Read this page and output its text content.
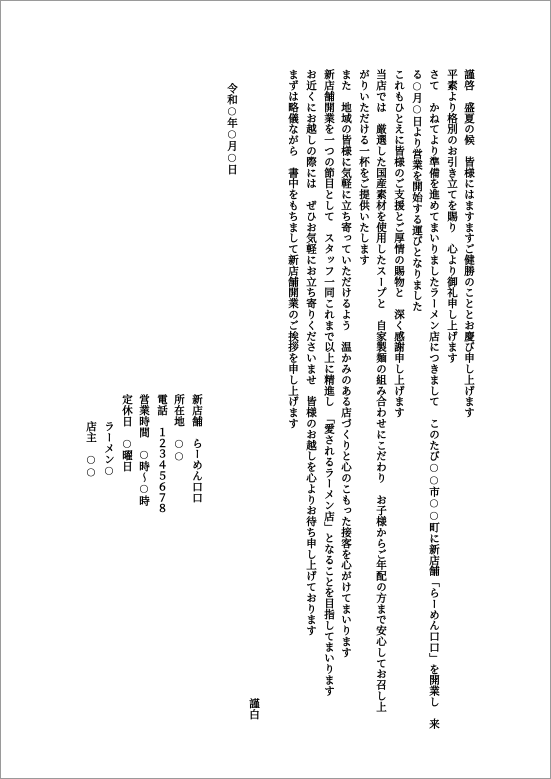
謹啓　盛夏の候　皆様にはますますご健勝のこととお慶び申し上げます
平素より格別のお引き立てを賜り　心より御礼申し上げます
さて　かねてより準備を進めてまいりましたラーメン店につきまして　このたび○○市○○町に新店舗「らーめん口口」を開業し　来
る○月○日より営業を開始する運びとなりました
これもひとえに皆様のご支援とご厚情の賜物と　深く感謝申し上げます
当店では　厳選した国産素材を使用したスープと　自家製麺の組み合わせにこだわり　お子様からご年配の方まで安心してお召し上
がりいただける一杯をご提供いたします
また　地域の皆様に気軽に立ち寄っていただけるよう　温かみのある店づくりと心のこもった接客を心がけてまいります
新店舗開業を一つの節目として　スタッフ一同これまで以上に精進し　「愛されるラーメン店」となることを目指してまいります
お近くにお越しの際には　ぜひお気軽にお立ち寄りくださいませ　皆様のお越しを心よりお待ち申し上げております
まずは略儀ながら　書中をもちまして新店舗開業のご挨拶を申し上げます
令和○年○月○日
新店舗　らーめん口口
所在地　○○
電話　１２３４５６７８
営業時間　○時～○時
定休日　○曜日
ラーメン○
店主　○○
謹白
